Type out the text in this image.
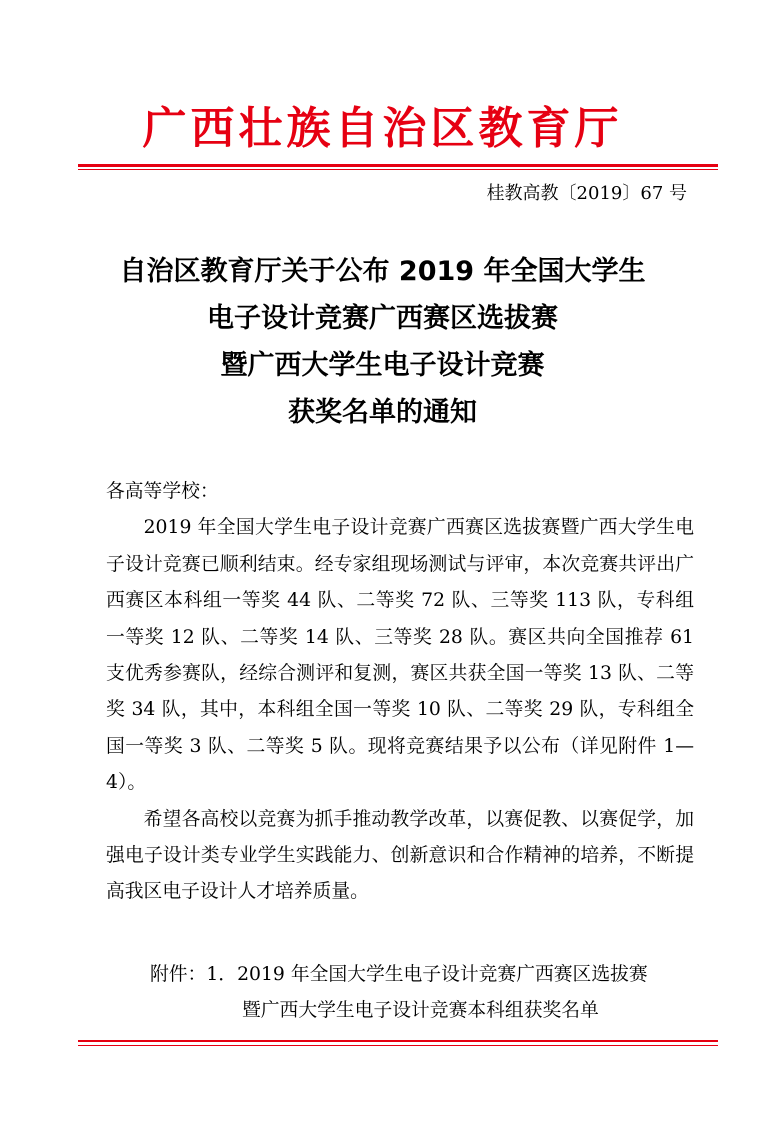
广西壮族自治区教育厅
桂教高教〔2019〕67 号
自治区教育厅关于公布 2019 年全国大学生
电子设计竞赛广西赛区选拔赛
暨广西大学生电子设计竞赛
获奖名单的通知

各高等学校：

2019 年全国大学生电子设计竞赛广西赛区选拔赛暨广西大学生电子设计竞赛已顺利结束。经专家组现场测试与评审，本次竞赛共评出广西赛区本科组一等奖 44 队、二等奖 72 队、三等奖 113 队，专科组一等奖 12 队、二等奖 14 队、三等奖 28 队。赛区共向全国推荐 61 支优秀参赛队，经综合测评和复测，赛区共获全国一等奖 13 队、二等奖 34 队，其中，本科组全国一等奖 10 队、二等奖 29 队，专科组全国一等奖 3 队、二等奖 5 队。现将竞赛结果予以公布（详见附件 1—4）。

希望各高校以竞赛为抓手推动教学改革，以赛促教、以赛促学，加强电子设计类专业学生实践能力、创新意识和合作精神的培养，不断提高我区电子设计人才培养质量。

附件：1．2019 年全国大学生电子设计竞赛广西赛区选拔赛
暨广西大学生电子设计竞赛本科组获奖名单
